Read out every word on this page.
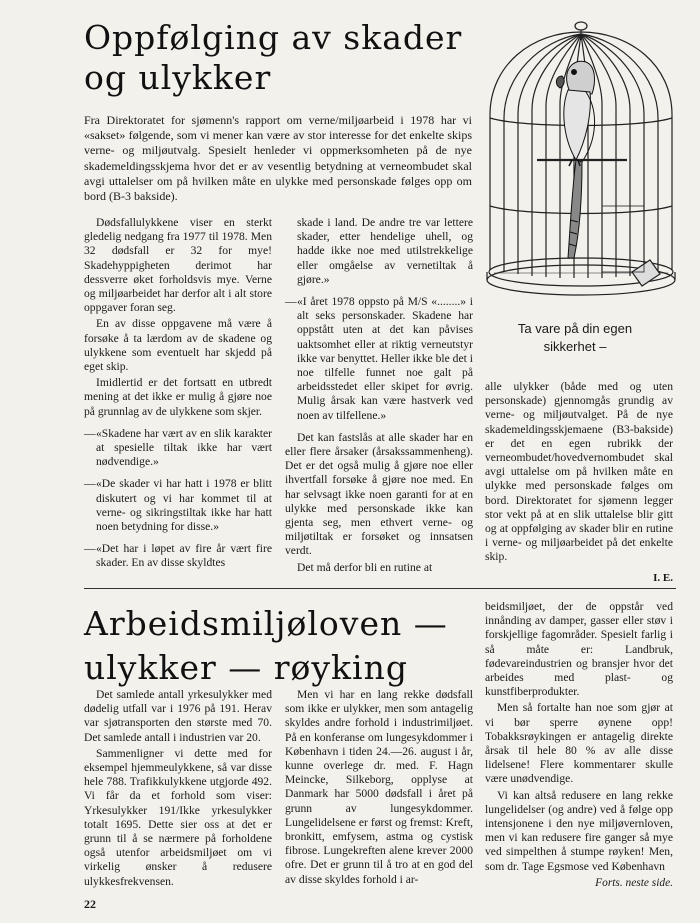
Oppfølging av skader
og ulykker

Fra Direktoratet for sjømenn's rapport om verne/miljøarbeid i 1978 har vi «sakset» følgende, som vi mener kan være av stor interesse for det enkelte skips verne- og miljøutvalg. Spesielt henleder vi oppmerksomheten på de nye skademeldingsskjema hvor det er av vesentlig betydning at verneombudet skal avgi uttalelser om på hvilken måte en ulykke med personskade følges opp om bord (B-3 bakside).

Dødsfallulykkene viser en sterkt gledelig nedgang fra 1977 til 1978. Men 32 dødsfall er 32 for mye! Skadehyppigheten derimot har dessverre øket forholdsvis mye. Verne og miljøarbeidet har derfor alt i alt store oppgaver foran seg.

En av disse oppgavene må være å forsøke å ta lærdom av de skadene og ulykkene som eventuelt har skjedd på eget skip.

Imidlertid er det fortsatt en utbredt mening at det ikke er mulig å gjøre noe på grunnlag av de ulykkene som skjer.

— «Skadene har vært av en slik karakter at spesielle tiltak ikke har vært nødvendige.»

— «De skader vi har hatt i 1978 er blitt diskutert og vi har kommet til at verne- og sikringstiltak ikke har hatt noen betydning for disse.»

— «Det har i løpet av fire år vært fire skader. En av disse skyldtes

skade i land. De andre tre var lettere skader, etter hendelige uhell, og hadde ikke noe med utilstrekkelige eller omgåelse av vernetiltak å gjøre.»

— «I året 1978 oppsto på M/S «........» i alt seks personskader. Skadene har oppstått uten at det kan påvises uaktsomhet eller at riktig verneutstyr ikke var benyttet. Heller ikke ble det i noe tilfelle funnet noe galt på arbeidsstedet eller skipet for øvrig. Mulig årsak kan være hastverk ved noen av tilfellene.»

Det kan fastslås at alle skader har en eller flere årsaker (årsakssammenheng). Det er det også mulig å gjøre noe eller ihvertfall forsøke å gjøre noe med. En har selvsagt ikke noen garanti for at en ulykke med personskade ikke kan gjenta seg, men ethvert verne- og miljøtiltak er forsøket og innsatsen verdt.

Det må derfor bli en rutine at

Ta vare på din egen
sikkerhet –

alle ulykker (både med og uten personskade) gjennomgås grundig av verne- og miljøutvalget. På de nye skademeldingsskjemaene (B3-bakside) er det en egen rubrikk der verneombudet/hovedvernombudet skal avgi uttalelse om på hvilken måte en ulykke med personskade følges om bord. Direktoratet for sjømenn legger stor vekt på at en slik uttalelse blir gitt og at oppfølging av skader blir en rutine i verne- og miljøarbeidet på det enkelte skip.

I. E.
Arbeidsmiljøloven —
ulykker — røyking

Det samlede antall yrkesulykker med dødelig utfall var i 1976 på 191. Herav var sjøtransporten den største med 70. Det samlede antall i industrien var 20.

Sammenligner vi dette med for eksempel hjemmeulykkene, så var disse hele 788. Trafikkulykkene utgjorde 492. Vi får da et forhold som viser: Yrkesulykker 191/Ikke yrkesulykker totalt 1695. Dette sier oss at det er grunn til å se nærmere på forholdene også utenfor arbeidsmiljøet om vi virkelig ønsker å redusere ulykkesfrekvensen.

Men vi har en lang rekke dødsfall som ikke er ulykker, men som antagelig skyldes andre forhold i industrimiljøet. På en konferanse om lungesykdommer i København i tiden 24.—26. august i år, kunne overlege dr. med. F. Hagn Meincke, Silkeborg, opplyse at Danmark har 5000 dødsfall i året på grunn av lungesykdommer. Lungelidelsene er først og fremst: Kreft, bronkitt, emfysem, astma og cystisk fibrose. Lungekreften alene krever 2000 ofre. Det er grunn til å tro at en god del av disse skyldes forhold i ar-

beidsmiljøet, der de oppstår ved innånding av damper, gasser eller støv i forskjellige fagområder. Spesielt farlig i så måte er: Landbruk, fødevareindustrien og bransjer hvor det arbeides med plast- og kunstfiberprodukter.

Men så fortalte han noe som gjør at vi bør sperre øynene opp! Tobakksrøykingen er antagelig direkte årsak til hele 80 % av alle disse lidelsene! Flere kommentarer skulle være unødvendige.

Vi kan altså redusere en lang rekke lungelidelser (og andre) ved å følge opp intensjonene i den nye miljøvernloven, men vi kan redusere fire ganger så mye ved simpelthen å stumpe røyken! Men, som dr. Tage Egsmose ved København

Forts. neste side.
22
